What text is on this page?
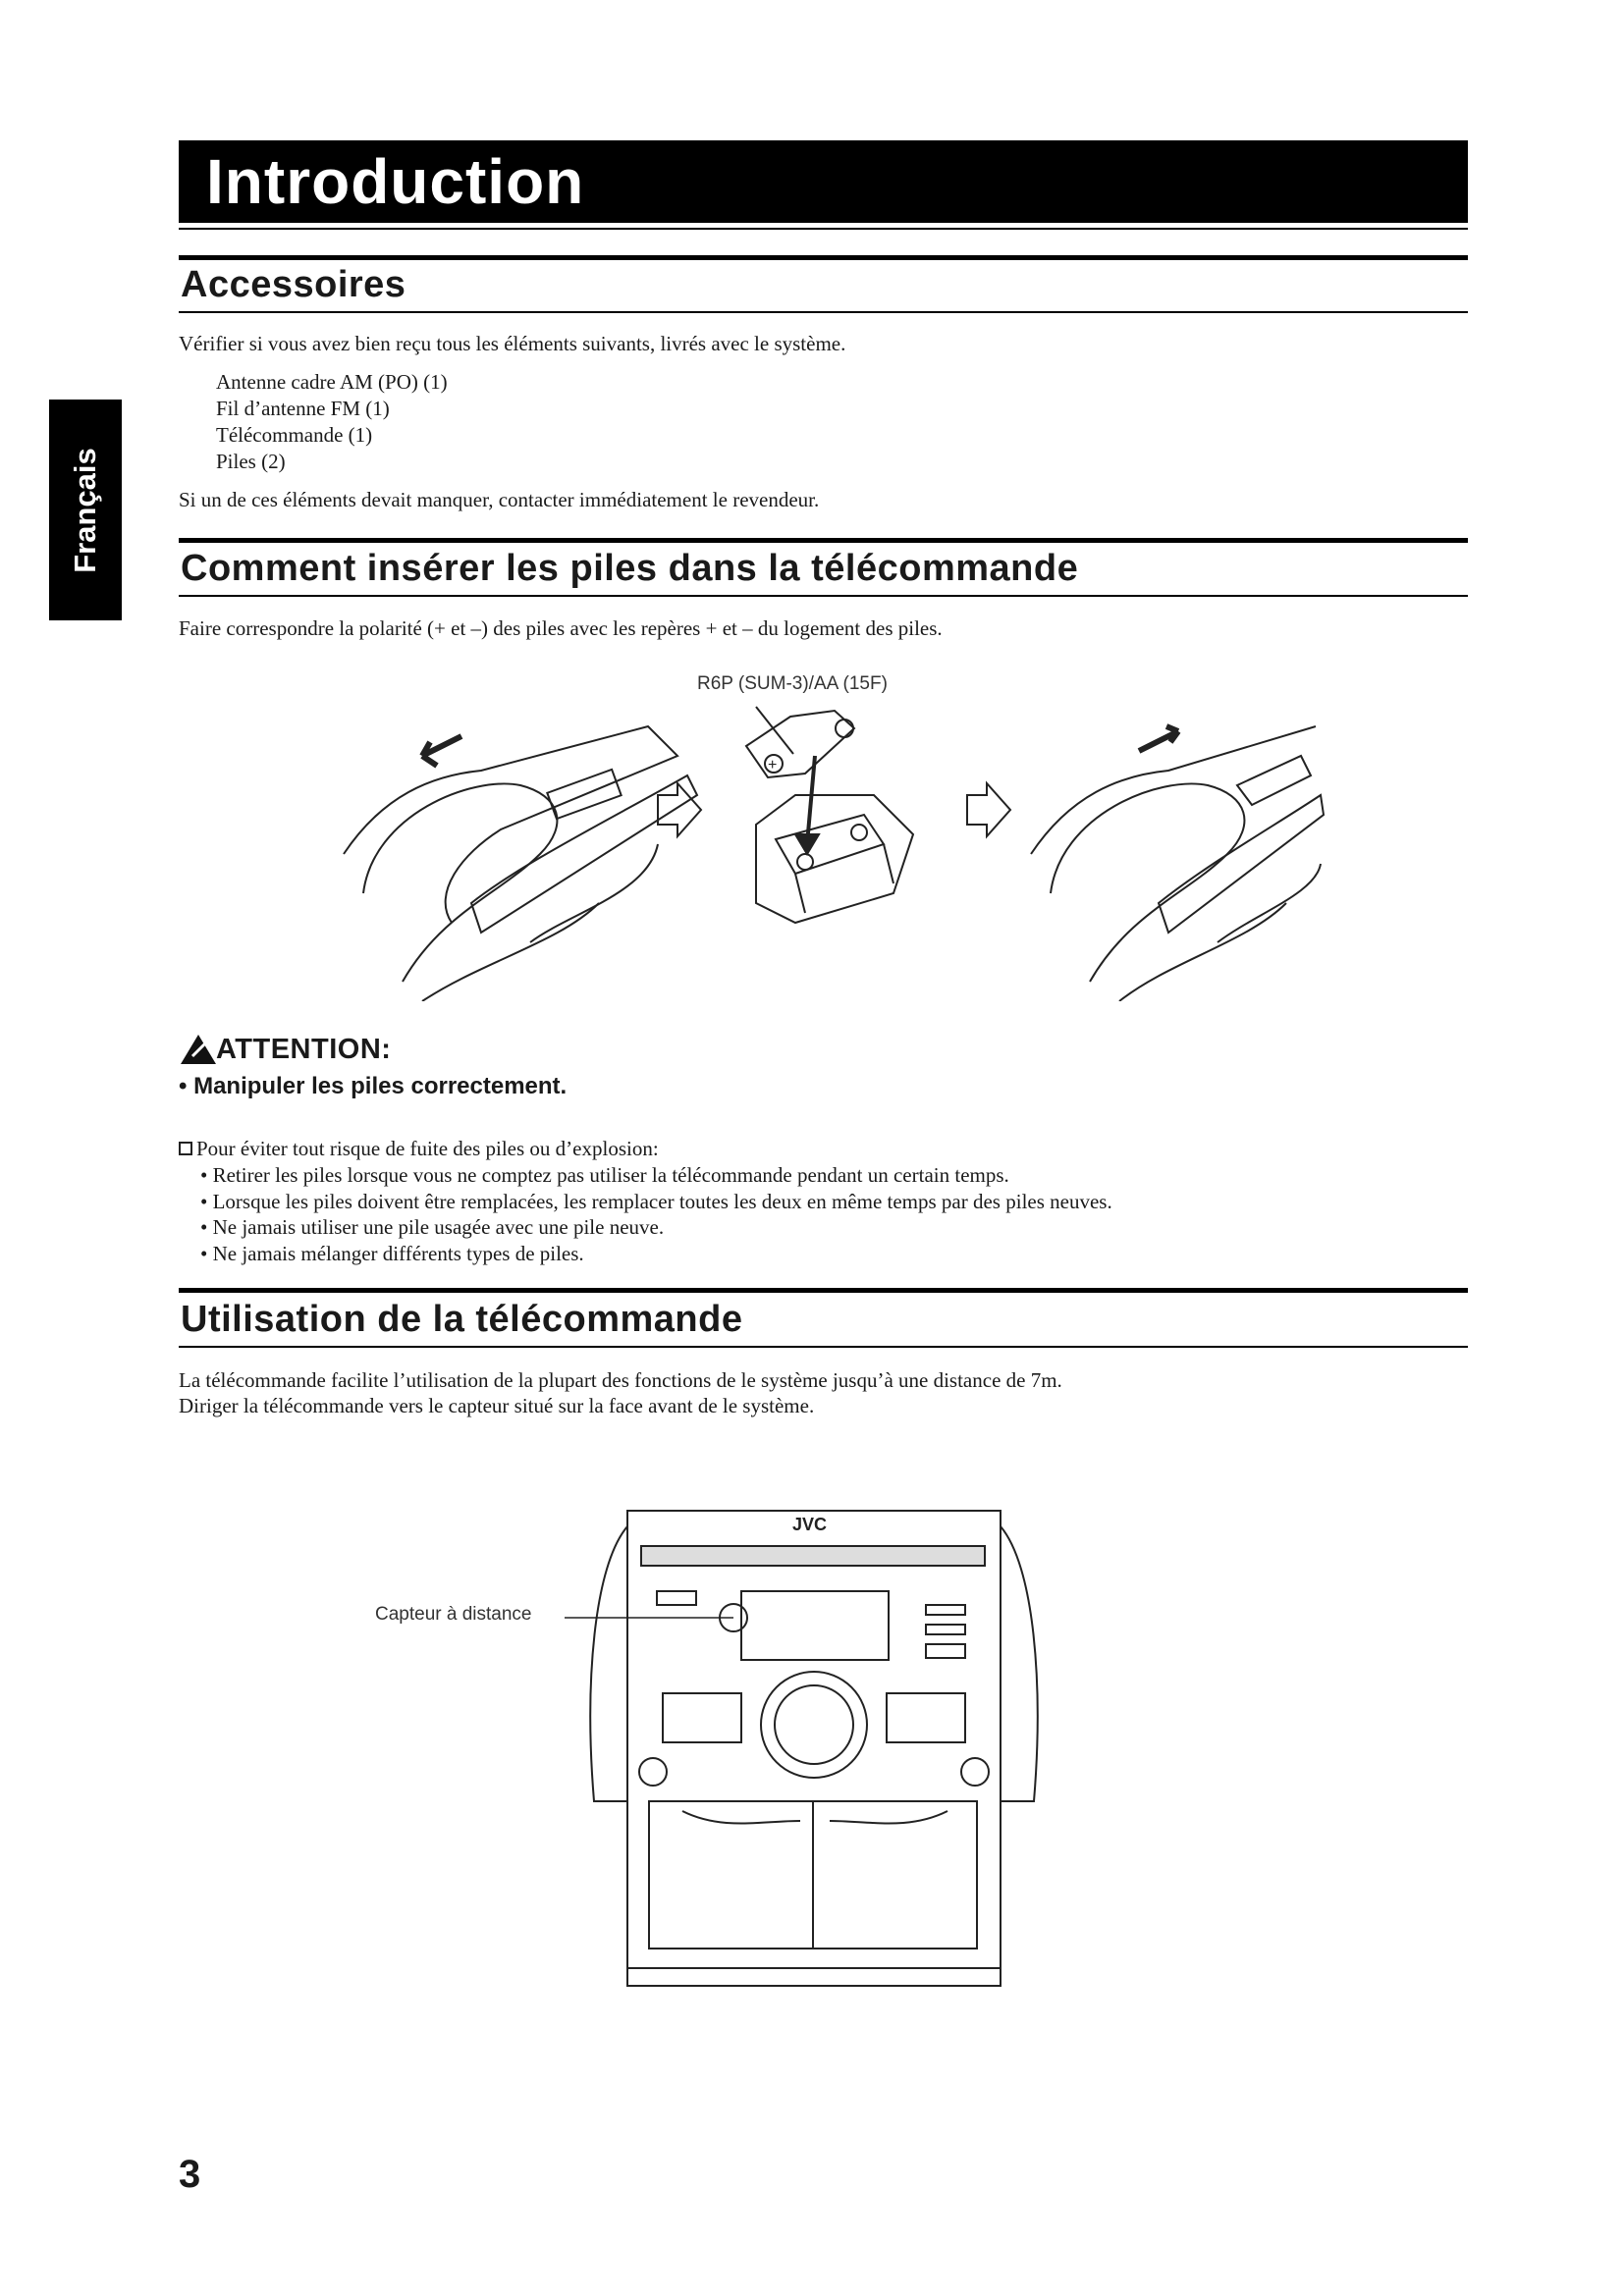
Introduction
Français
Accessoires
Vérifier si vous avez bien reçu tous les éléments suivants, livrés avec le système.
Antenne cadre AM (PO) (1)
Fil d’antenne FM (1)
Télécommande (1)
Piles (2)
Si un de ces éléments devait manquer, contacter immédiatement le revendeur.
Comment insérer les piles dans la télécommande
Faire correspondre la polarité (+ et –) des piles avec les repères + et – du logement des piles.
R6P (SUM-3)/AA (15F)
+
ATTENTION:
• Manipuler les piles correctement.
Pour éviter tout risque de fuite des piles ou d’explosion:
• Retirer les piles lorsque vous ne comptez pas utiliser la télécommande pendant un certain temps.
• Lorsque les piles doivent être remplacées, les remplacer toutes les deux en même temps par des piles neuves.
• Ne jamais utiliser une pile usagée avec une pile neuve.
• Ne jamais mélanger différents types de piles.
Utilisation de la télécommande
La télécommande facilite l’utilisation de la plupart des fonctions de le système jusqu’à une distance de 7m.
Diriger la télécommande vers le capteur situé sur la face avant de le système.
Capteur à distance
JVC
3
